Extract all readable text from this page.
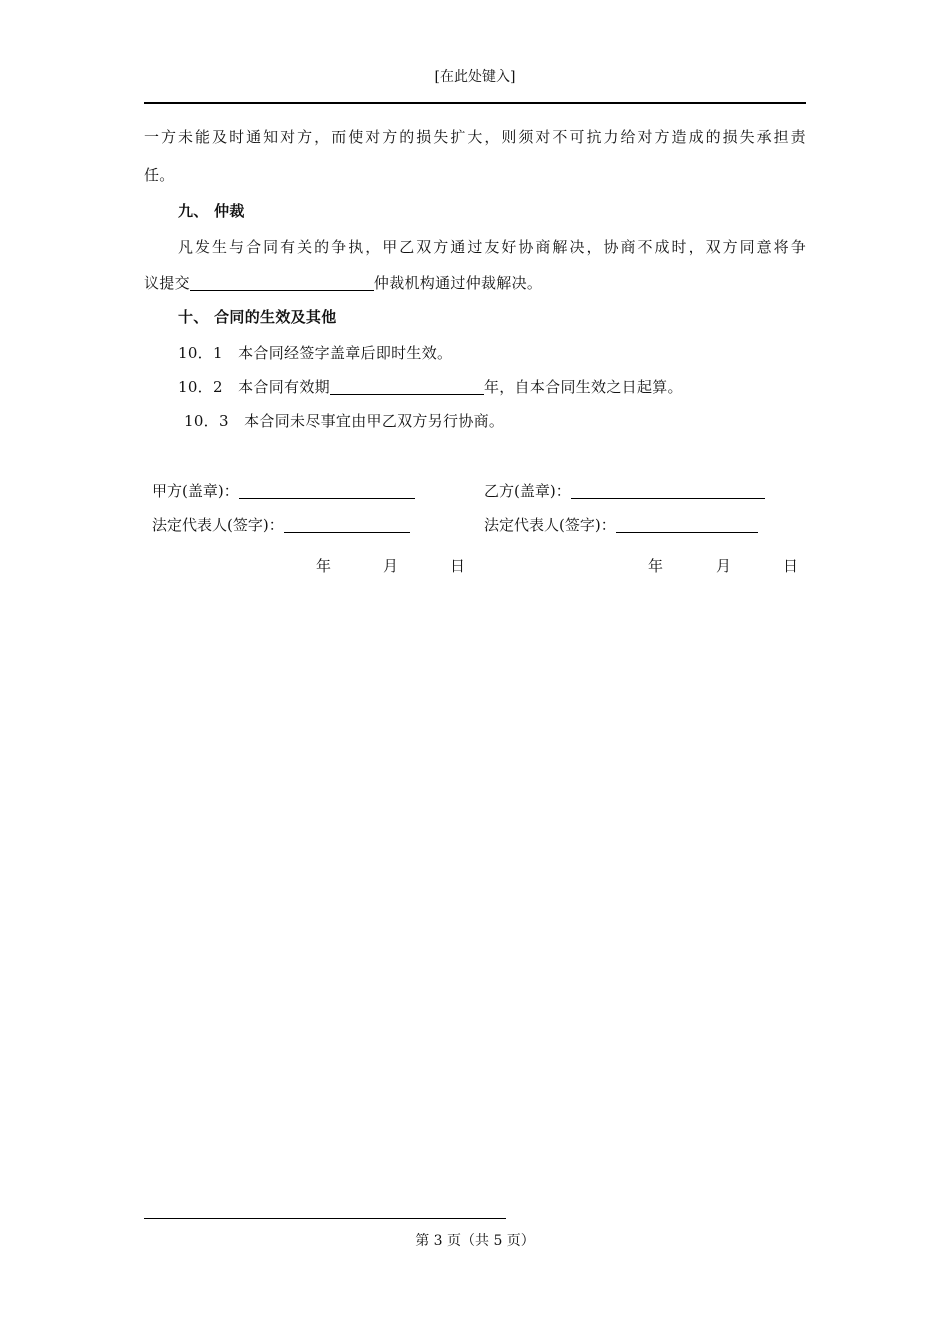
[在此处键入]
一方未能及时通知对方，而使对方的损失扩大，则须对不可抗力给对方造成的损失承担责
任。
九、 仲裁
凡发生与合同有关的争执，甲乙双方通过友好协商解决，协商不成时，双方同意将争
议提交	仲裁机构通过仲裁解决。
十、 合同的生效及其他
10．1　本合同经签字盖章后即时生效。
10．2　本合同有效期	年，自本合同生效之日起算。
10．3　本合同未尽事宜由甲乙双方另行协商。
甲方(盖章)：	乙方(盖章)：
法定代表人(签字)：	法定代表人(签字)：
年	月	日	年	月	日
第 3 页（共 5 页）
